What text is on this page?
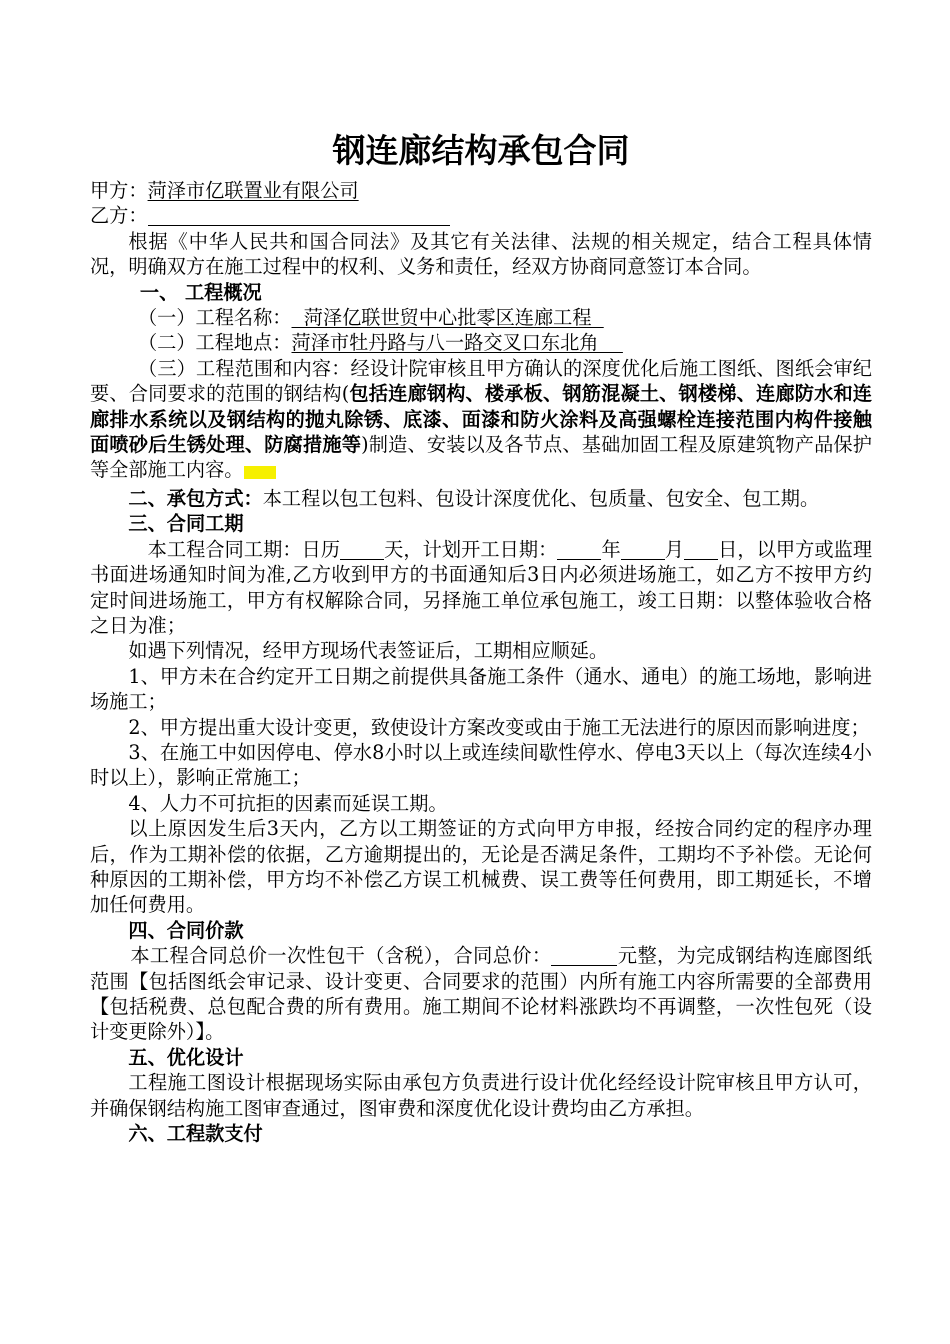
钢连廊结构承包合同

甲方：菏泽市亿联置业有限公司

乙方：

根据《中华人民共和国合同法》及其它有关法律、法规的相关规定，结合工程具体情况，明确双方在施工过程中的权利、义务和责任，经双方协商同意签订本合同。

一、 工程概况

（一）工程名称：  菏泽亿联世贸中心批零区连廊工程

（二）工程地点：菏泽市牡丹路与八一路交叉口东北角

（三）工程范围和内容：经设计院审核且甲方确认的深度优化后施工图纸、图纸会审纪要、合同要求的范围的钢结构(包括连廊钢构、楼承板、钢筋混凝土、钢楼梯、连廊防水和连廊排水系统以及钢结构的抛丸除锈、底漆、面漆和防火涂料及高强螺栓连接范围内构件接触面喷砂后生锈处理、防腐措施等)制造、安装以及各节点、基础加固工程及原建筑物产品保护等全部施工内容。

二、承包方式：本工程以包工包料、包设计深度优化、包质量、包安全、包工期。

三、合同工期

本工程合同工期：日历 天，计划开工日期： 年 月 日，以甲方或监理书面进场通知时间为准,乙方收到甲方的书面通知后3日内必须进场施工，如乙方不按甲方约定时间进场施工，甲方有权解除合同，另择施工单位承包施工，竣工日期：以整体验收合格之日为准；

如遇下列情况，经甲方现场代表签证后，工期相应顺延。

1、甲方未在合约定开工日期之前提供具备施工条件（通水、通电）的施工场地，影响进场施工；

2、甲方提出重大设计变更，致使设计方案改变或由于施工无法进行的原因而影响进度；

3、在施工中如因停电、停水8小时以上或连续间歇性停水、停电3天以上（每次连续4小时以上），影响正常施工；

4、人力不可抗拒的因素而延误工期。

以上原因发生后3天内，乙方以工期签证的方式向甲方申报，经按合同约定的程序办理后，作为工期补偿的依据，乙方逾期提出的，无论是否满足条件，工期均不予补偿。无论何种原因的工期补偿，甲方均不补偿乙方误工机械费、误工费等任何费用，即工期延长，不增加任何费用。

四、合同价款

本工程合同总价一次性包干（含税），合同总价：	元整，为完成钢结构连廊图纸范围【包括图纸会审记录、设计变更、合同要求的范围）内所有施工内容所需要的全部费用【包括税费、总包配合费的所有费用。施工期间不论材料涨跌均不再调整，一次性包死（设计变更除外）】。

五、优化设计

工程施工图设计根据现场实际由承包方负责进行设计优化经经设计院审核且甲方认可，并确保钢结构施工图审查通过，图审费和深度优化设计费均由乙方承担。

六、工程款支付
